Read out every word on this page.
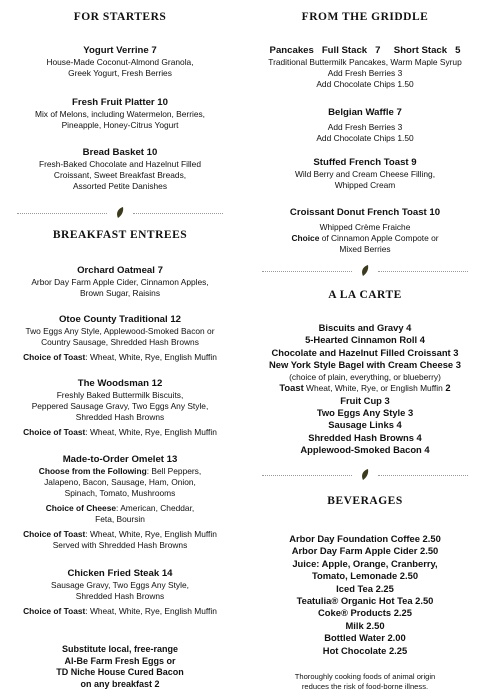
FOR STARTERS
Yogurt Verrine 7
House-Made Coconut-Almond Granola,
Greek Yogurt, Fresh Berries
Fresh Fruit Platter 10
Mix of Melons, including Watermelon, Berries,
Pineapple, Honey-Citrus Yogurt
Bread Basket 10
Fresh-Baked Chocolate and Hazelnut Filled
Croissant, Sweet Breakfast Breads,
Assorted Petite Danishes
BREAKFAST ENTREES
Orchard Oatmeal 7
Arbor Day Farm Apple Cider, Cinnamon Apples,
Brown Sugar, Raisins
Otoe County Traditional 12
Two Eggs Any Style, Applewood-Smoked Bacon or
Country Sausage, Shredded Hash Browns
Choice of Toast: Wheat, White, Rye, English Muffin
The Woodsman 12
Freshly Baked Buttermilk Biscuits,
Peppered Sausage Gravy, Two Eggs Any Style,
Shredded Hash Browns
Choice of Toast: Wheat, White, Rye, English Muffin
Made-to-Order Omelet 13
Choose from the Following: Bell Peppers,
Jalapeno, Bacon, Sausage, Ham, Onion,
Spinach, Tomato, Mushrooms
Choice of Cheese: American, Cheddar,
Feta, Boursin
Choice of Toast: Wheat, White, Rye, English Muffin
Served with Shredded Hash Browns
Chicken Fried Steak 14
Sausage Gravy, Two Eggs Any Style,
Shredded Hash Browns
Choice of Toast: Wheat, White, Rye, English Muffin
Substitute local, free-range
Al-Be Farm Fresh Eggs or
TD Niche House Cured Bacon
on any breakfast 2
FROM THE GRIDDLE
Pancakes   Full Stack   7     Short Stack   5
Traditional Buttermilk Pancakes, Warm Maple Syrup
Add Fresh Berries 3
Add Chocolate Chips 1.50
Belgian Waffle 7
Add Fresh Berries 3
Add Chocolate Chips 1.50
Stuffed French Toast 9
Wild Berry and Cream Cheese Filling,
Whipped Cream
Croissant Donut French Toast 10
Whipped Crème Fraiche
Choice of Cinnamon Apple Compote or
Mixed Berries
A LA CARTE
Biscuits and Gravy 4
5-Hearted Cinnamon Roll 4
Chocolate and Hazelnut Filled Croissant 3
New York Style Bagel with Cream Cheese 3
(choice of plain, everything, or blueberry)
Toast Wheat, White, Rye, or English Muffin 2
Fruit Cup 3
Two Eggs Any Style 3
Sausage Links 4
Shredded Hash Browns 4
Applewood-Smoked Bacon 4
BEVERAGES
Arbor Day Foundation Coffee 2.50
Arbor Day Farm Apple Cider 2.50
Juice: Apple, Orange, Cranberry,
Tomato, Lemonade 2.50
Iced Tea 2.25
Teatulia® Organic Hot Tea 2.50
Coke® Products 2.25
Milk 2.50
Bottled Water 2.00
Hot Chocolate 2.25
Thoroughly cooking foods of animal origin
reduces the risk of food-borne illness.
